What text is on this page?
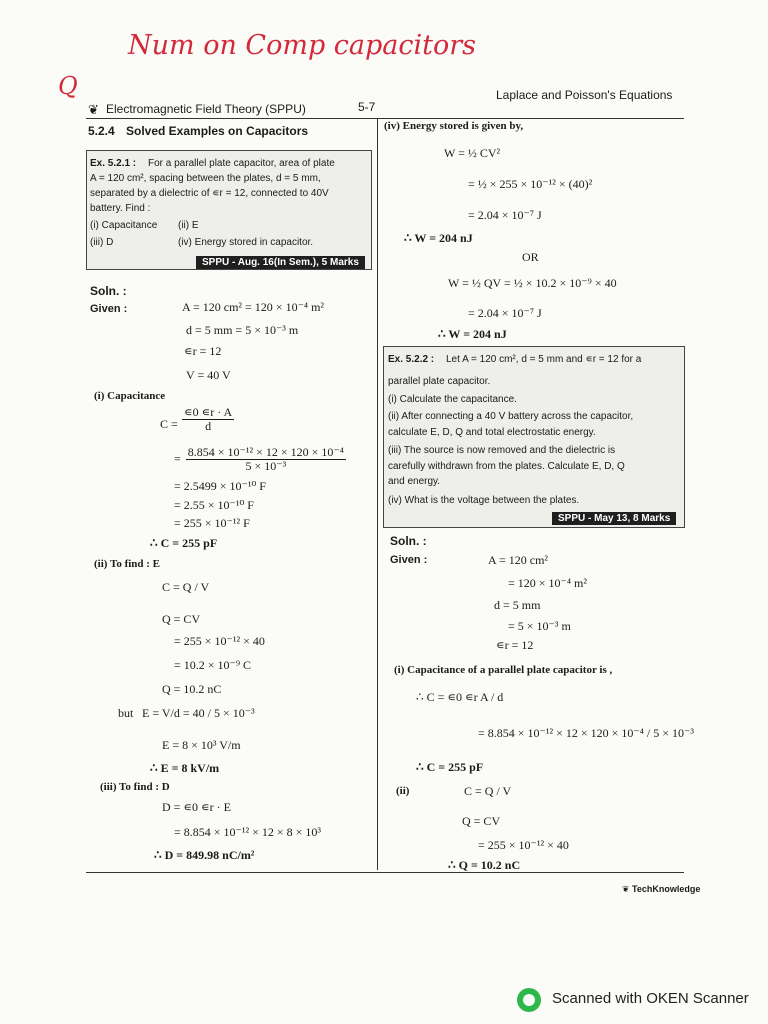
Num on Comp capacitors
Q
❦ Electromagnetic Field Theory (SPPU)	5-7
Laplace and Poisson's Equations
5.2.4 Solved Examples on Capacitors
Ex. 5.2.1 : For a parallel plate capacitor, area of plate
A = 120 cm², spacing between the plates, d = 5 mm,
separated by a dielectric of ∊r = 12, connected to 40V
battery. Find :
(i) Capacitance (ii) E
(iii) D	(iv) Energy stored in capacitor.
SPPU - Aug. 16(In Sem.), 5 Marks
Soln. :
Given :	A = 120 cm² = 120 × 10⁻⁴ m²
d = 5 mm = 5 × 10⁻³ m
∊r = 12
V = 40 V
(i) Capacitance
$C = \frac{∊0 ∊r \cdot A}{d}$
= $\frac{\text{8.854 × 10⁻¹² × 12 × 120 × 10⁻⁴}}{\text{5 × 10⁻³}}$
= 2.5499 × 10⁻¹⁰ F
= 2.55 × 10⁻¹⁰ F
= 255 × 10⁻¹² F
∴ C = 255 pF
(ii) To find : E
C = Q / V
Q = CV
= 255 × 10⁻¹² × 40
= 10.2 × 10⁻⁹ C
Q = 10.2 nC
but E = V/d = 40 / 5 × 10⁻³
E = 8 × 10³ V/m
∴ E = 8 kV/m
(iii) To find : D
D = ∊0 ∊r · E
= 8.854 × 10⁻¹² × 12 × 8 × 10³
∴ D = 849.98 nC/m²
(iv) Energy stored is given by,
W = ½ CV²
= ½ × 255 × 10⁻¹² × (40)²
= 2.04 × 10⁻⁷ J
∴ W = 204 nJ
OR
W = ½ QV = ½ × 10.2 × 10⁻⁹ × 40
= 2.04 × 10⁻⁷ J
∴ W = 204 nJ
Ex. 5.2.2 : Let A = 120 cm², d = 5 mm and ∊r = 12 for a
parallel plate capacitor.
(i) Calculate the capacitance.
(ii) After connecting a 40 V battery across the capacitor,
calculate E, D, Q and total electrostatic energy.
(iii) The source is now removed and the dielectric is
carefully withdrawn from the plates. Calculate E, D, Q
and energy.
(iv) What is the voltage between the plates.
SPPU - May 13, 8 Marks
Soln. :
Given :	A = 120 cm²
= 120 × 10⁻⁴ m²
d = 5 mm
= 5 × 10⁻³ m
∊r = 12
(i) Capacitance of a parallel plate capacitor is ,
∴ C = ∊0 ∊r A / d
= 8.854 × 10⁻¹² × 12 × 120 × 10⁻⁴ / 5 × 10⁻³
∴ C = 255 pF
(ii)	C = Q / V
Q = CV
= 255 × 10⁻¹² × 40
∴ Q = 10.2 nC
❦ TechKnowledge
Scanned with OKEN Scanner
